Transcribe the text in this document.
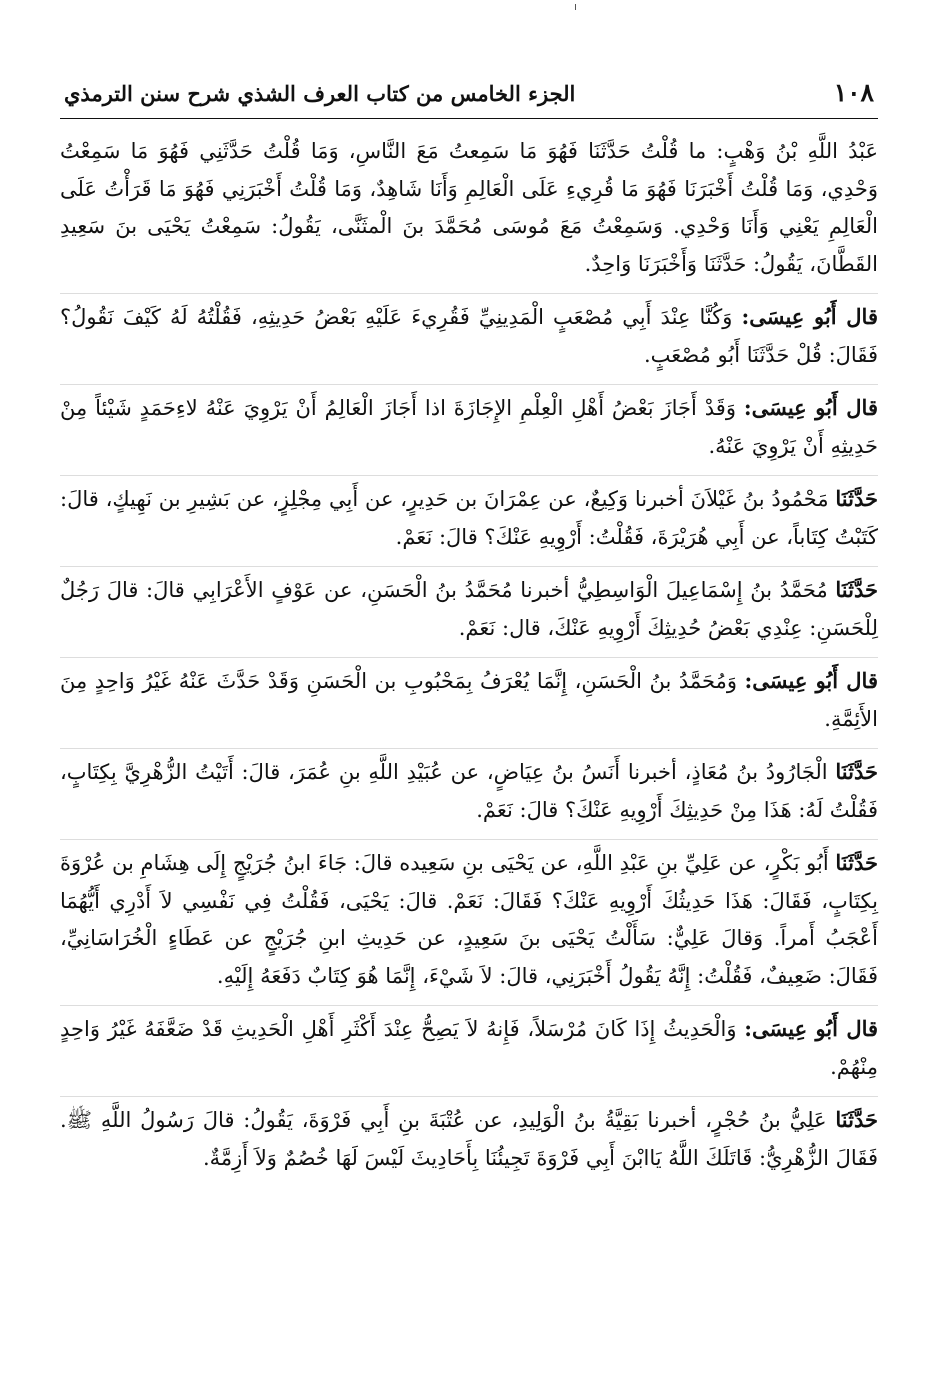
١٠٨
الجزء الخامس من كتاب العرف الشذي شرح سنن الترمذي

عَبْدُ اللَّهِ بْنُ وَهْبٍ: ما قُلْتُ حَدَّثَنَا فَهُوَ مَا سَمِعتُ مَعَ النَّاسِ، وَمَا قُلْتُ حَدَّثَنِي فَهُوَ مَا سَمِعْتُ وَحْدِي، وَمَا قُلْتُ أَخْبَرَنَا فَهُوَ مَا قُرِيءِ عَلَى الْعَالِمِ وَأَنَا شَاهِدٌ، وَمَا قُلْتُ أَخْبَرَنِي فَهُوَ مَا قَرَأْتُ عَلَى الْعَالِمِ يَعْنِي وَأَنَا وَحْدِي. وَسَمِعْتُ مَعَ مُوسَى مُحَمَّدَ بنَ الْمثَنَّى، يَقُولُ: سَمِعْتُ يَحْيَى بنَ سَعِيدِ القَطَّانَ، يَقُولُ: حَدَّثَنَا وَأَخْبَرَنَا وَاحِدٌ.

قال أَبُو عِيسَى: وَكُنَّا عِنْدَ أَبِي مُصْعَبٍ الْمَدِينِيِّ فَقُرِيءَ عَلَيْهِ بَعْضُ حَدِيثِهِ، فَقُلْتُهُ لَهُ كَيْفَ نَقُولُ؟ فَقَالَ: قُلْ حَدَّثَنَا أَبُو مُصْعَبٍ.

قال أَبُو عِيسَى: وَقَدْ أَجَازَ بَعْضُ أَهْلِ الْعِلْمِ الإِجَازَةَ اذا أَجَازَ الْعَالِمُ أَنْ يَرْوِيَ عَنْهُ لاءِحَمَدٍ شَيْئاً مِنْ حَدِيثِهِ أَنْ يَرْوِيَ عَنْهُ.

حَدَّثَنَا مَحْمُودُ بنُ غَيْلاَنَ أخبرنا وَكِيعٌ، عن عِمْرَانَ بن حَدِيرٍ، عن أَبِي مِجْلِزٍ، عن بَشِيرِ بن نَهِيكٍ، قالَ: كَتَبْتُ كِتَاباً، عن أَبِي هُرَيْرَةَ، فَقُلْتُ: أَرْوِيهِ عَنْكَ؟ قالَ: نَعَمْ.

حَدَّثَنَا مُحَمَّدُ بنُ إِسْمَاعِيلَ الْوَاسِطِيُّ أخبرنا مُحَمَّدُ بنُ الْحَسَنِ، عن عَوْفٍ الأَعْرَابِي قالَ: قالَ رَجُلٌ لِلْحَسَنِ: عِنْدِي بَعْضُ حُدِيثِكَ أَرْوِيهِ عَنْكَ، قال: نَعَمْ.

قال أَبُو عِيسَى: وَمُحَمَّدُ بنُ الْحَسَنِ، إِنَّمَا يُعْرَفُ بِمَحْبُوبِ بن الْحَسَنِ وَقَدْ حَدَّثَ عَنْهُ غَيْرُ وَاحِدٍ مِنَ الأَئِمَّةِ.

حَدَّثَنَا الْجَارُودُ بنُ مُعَاذٍ، أخبرنا أَنَسُ بنُ عِيَاضٍ، عن عُبَيْدِ اللَّهِ بنِ عُمَرَ، قالَ: أَتَيْتُ الزُّهْرِيَّ بِكِتَابٍ، فَقُلْتُ لَهُ: هَذَا مِنْ حَدِيثِكَ أَرْوِيهِ عَنْكَ؟ قالَ: نَعَمْ.

حَدَّثَنَا أَبُو بَكْرٍ، عن عَلِيِّ بنِ عَبْدِ اللَّهِ، عن يَحْيَى بنِ سَعِيده قالَ: جَاءَ ابنُ جُرَيْجٍ إِلَى هِشَامِ بن عُرْوَةَ بِكِتَابٍ، فَقَالَ: هَذَا حَدِيثُكَ أَرْوِيهِ عَنْكَ؟ فَقَالَ: نَعَمْ. قالَ: يَحْيَى، فَقُلْتُ فِي نَفْسِي لاَ أَدْرِي أَيُّهُمَا أَعْجَبُ أَمراً. وَقالَ عَلِيٌّ: سَأَلْتُ يَحْيَى بنَ سَعِيدٍ، عن حَدِيثِ ابنِ جُرَيْجٍ عن عَطَاءٍ الْخُرَاسَانِيِّ، فَقَالَ: ضَعِيفٌ، فَقُلْتُ: إِنَّهُ يَقُولُ أَخْبَرَنِي، قالَ: لاَ شَيْءَ، إِنَّمَا هُوَ كِتَابٌ دَفَعَهُ إِلَيْهِ.

قال أَبُو عِيسَى: وَالْحَدِيثُ إِذَا كَانَ مُرْسَلاً، فَإِنهُ لاَ يَصِحُّ عِنْدَ أَكْثَرِ أَهْلِ الْحَدِيثِ قَدْ ضَعَّفَهُ غَيْرُ وَاحِدٍ مِنْهُمْ.

حَدَّثَنَا عَلِيُّ بنُ حُجْرٍ، أخبرنا بَقِيَّةُ بنُ الْوَلِيدِ، عن عُتْبَةَ بنِ أَبِي فَرْوَةَ، يَقُولُ: قالَ رَسُولُ اللَّهِ ﷺ. فَقَالَ الزُّهْرِيُّ: قَاتَلَكَ اللَّهُ يَاابْنَ أَبِي فَرْوَةَ تَجِيئُنَا بِأَحَادِيثَ لَيْسَ لَهَا خُصُمٌ وَلاَ أَزِمَّةٌ.
